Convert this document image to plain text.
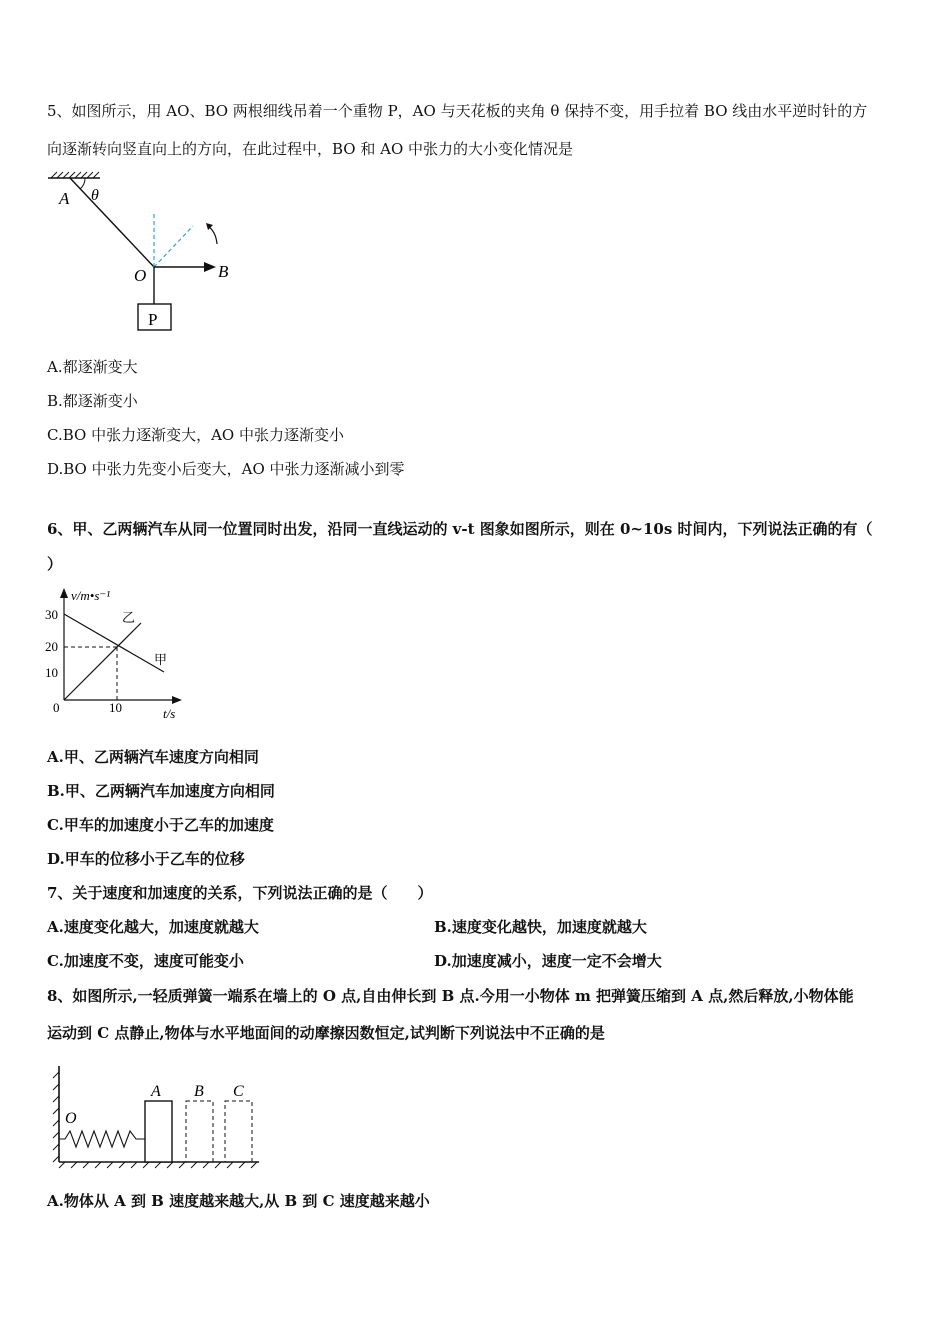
5、如图所示，用 AO、BO 两根细线吊着一个重物 P，AO 与天花板的夹角 θ 保持不变，用手拉着 BO 线由水平逆时针的方
向逐渐转向竖直向上的方向，在此过程中，BO 和 AO 中张力的大小变化情况是
A θ
O	B
P
A.都逐渐变大
B.都逐渐变小
C.BO 中张力逐渐变大，AO 中张力逐渐变小
D.BO 中张力先变小后变大，AO 中张力逐渐减小到零
6、甲、乙两辆汽车从同一位置同时出发，沿同一直线运动的 v-t 图象如图所示，则在 0~10s 时间内，下列说法正确的有（
）
v/m•s⁻¹
30
20
10
0	10	t/s
乙
甲
A.甲、乙两辆汽车速度方向相同
B.甲、乙两辆汽车加速度方向相同
C.甲车的加速度小于乙车的加速度
D.甲车的位移小于乙车的位移
7、关于速度和加速度的关系，下列说法正确的是（　　）
A.速度变化越大，加速度就越大	B.速度变化越快，加速度就越大
C.加速度不变，速度可能变小	D.加速度减小，速度一定不会增大
8、如图所示,一轻质弹簧一端系在墙上的 O 点,自由伸长到 B 点.今用一小物体 m 把弹簧压缩到 A 点,然后释放,小物体能
运动到 C 点静止,物体与水平地面间的动摩擦因数恒定,试判断下列说法中不正确的是
O
A B C
A.物体从 A 到 B 速度越来越大,从 B 到 C 速度越来越小
